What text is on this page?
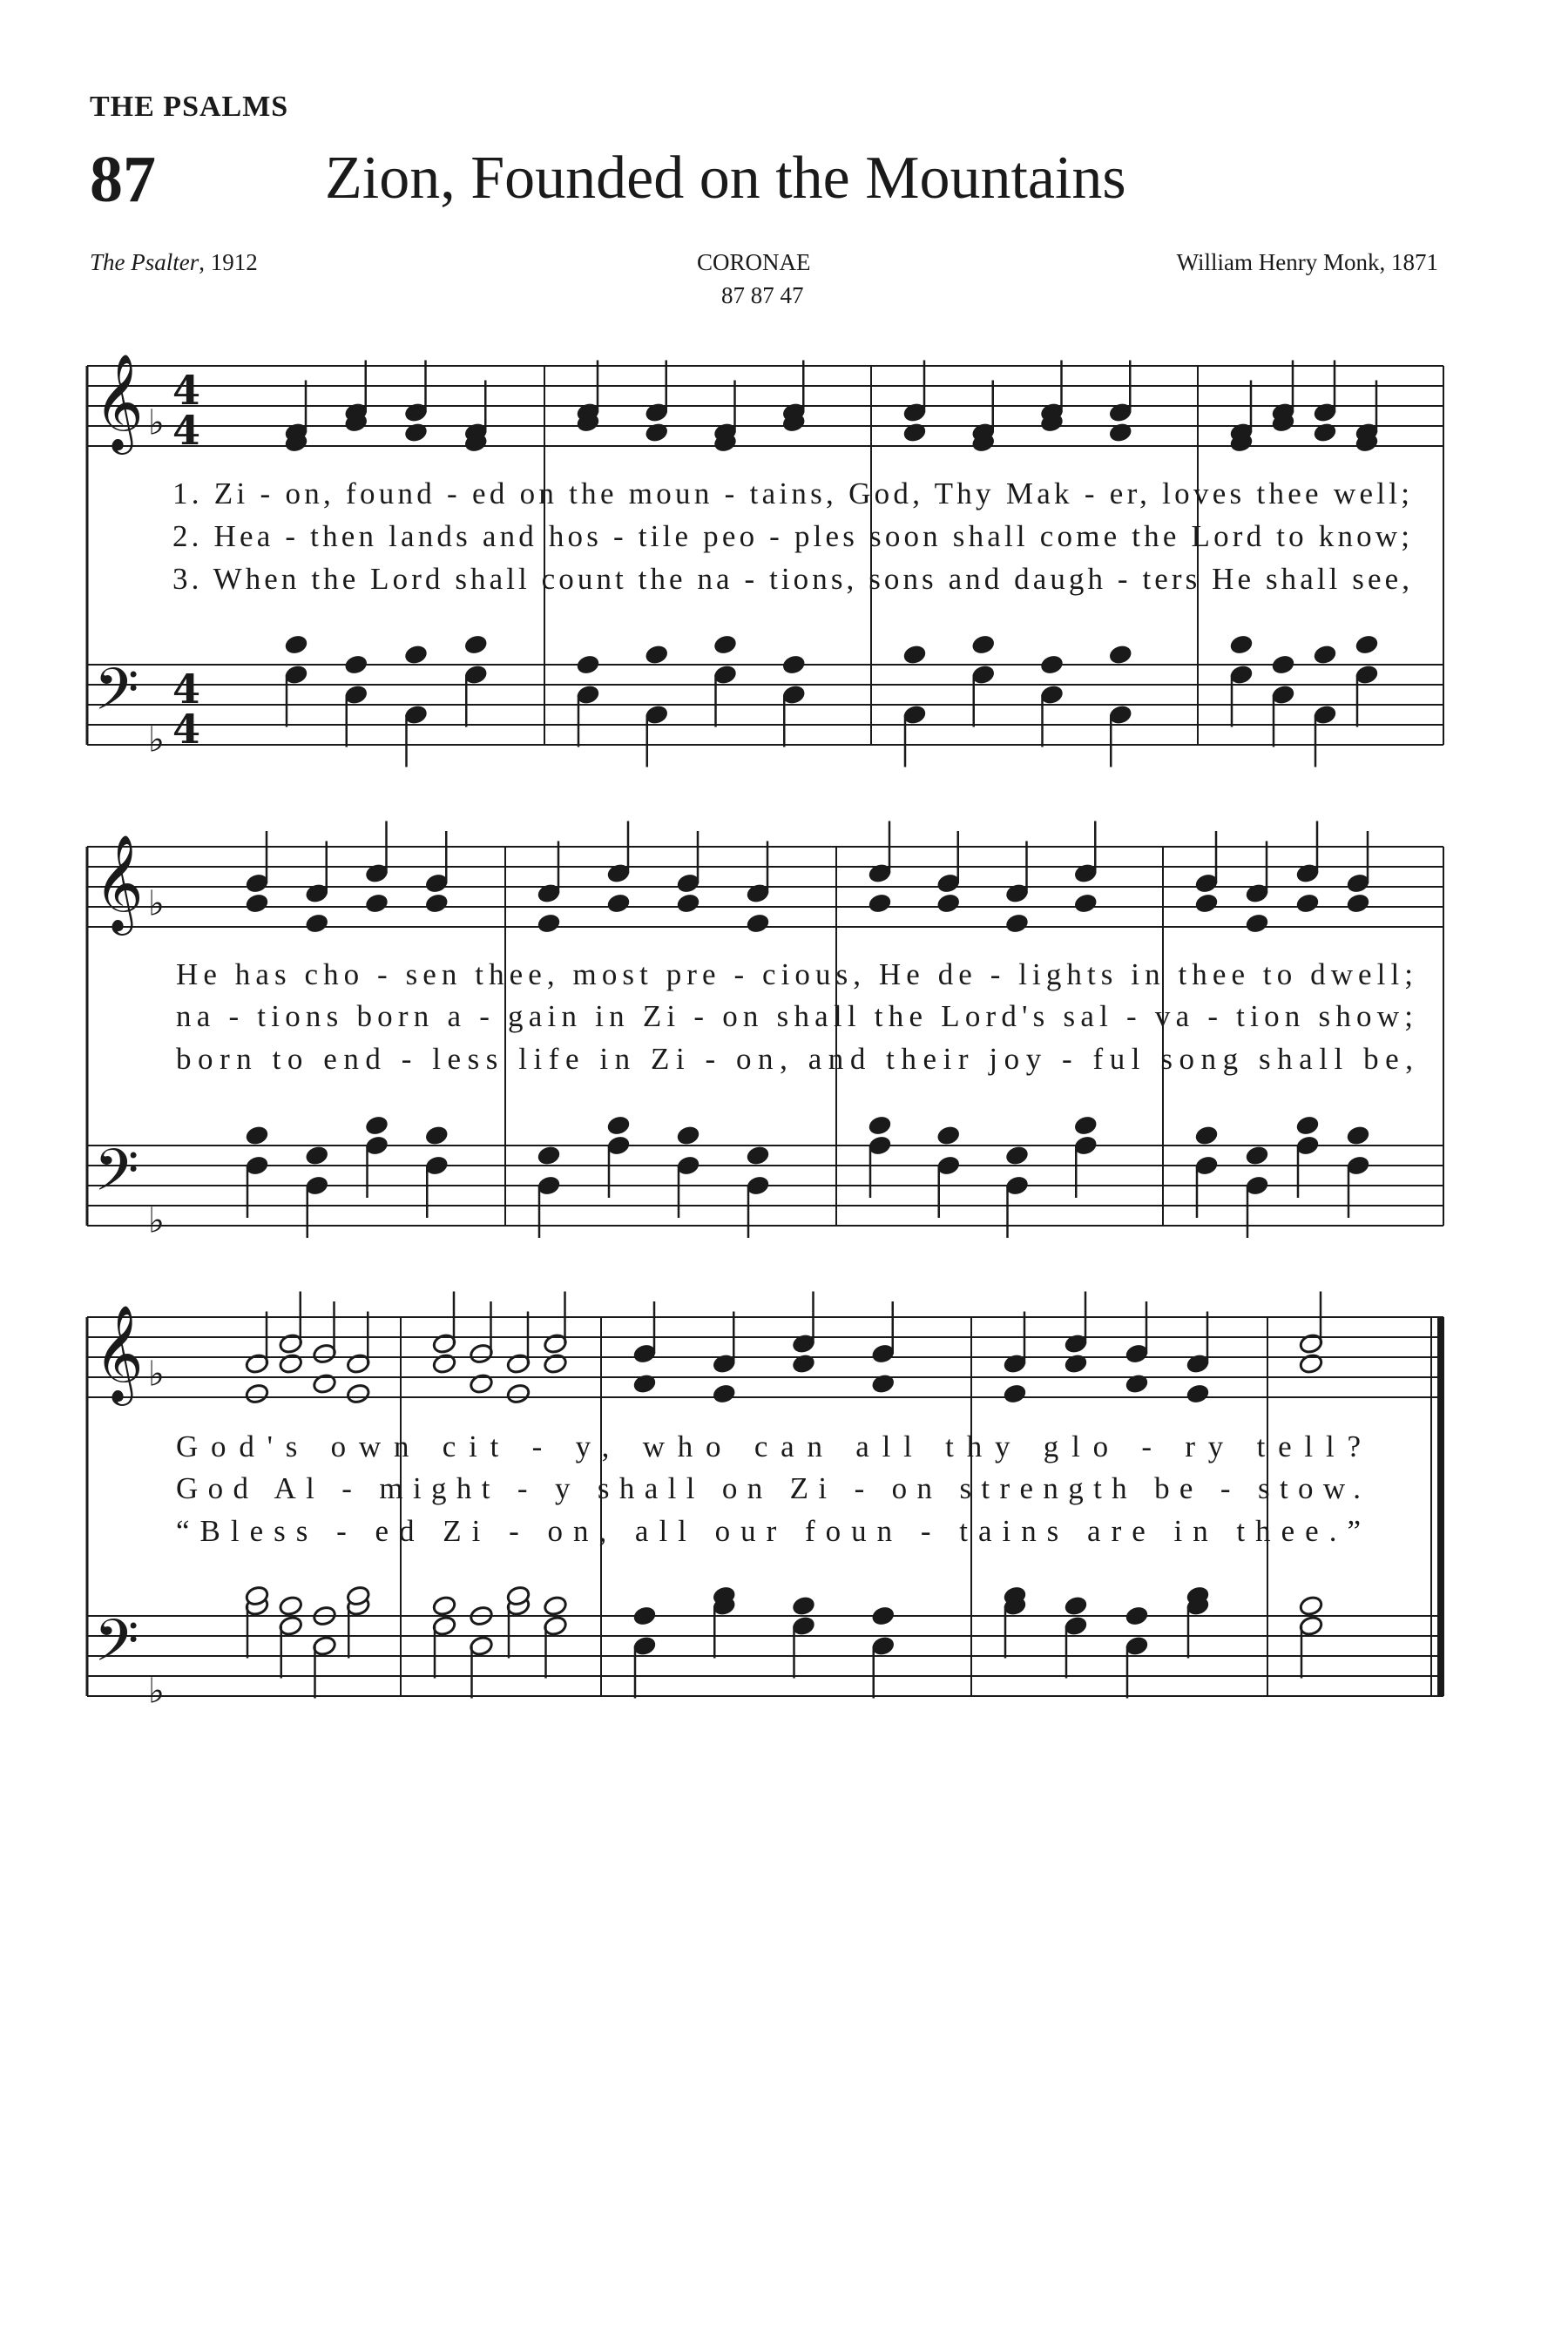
THE PSALMS
87	Zion, Founded on the Mountains
The Psalter, 1912	CORONAE
87 87 47
William Henry Monk, 1871
𝄞
𝄢
♭
♭
4
4
4
4
1. Zi - on, found - ed on the moun - tains, God, Thy Mak - er, loves thee well;
2. Hea - then lands and hos - tile peo - ples soon shall come the Lord to know;
3. When the Lord shall count the na - tions, sons and daugh - ters He shall see,
𝄞
𝄢
♭
♭
He has cho - sen thee, most pre - cious, He de - lights in thee to dwell;
na - tions born a - gain in Zi - on shall the Lord's sal - va - tion show;
born to end - less life in Zi - on, and their joy - ful song shall be,
𝄞
𝄢
♭
♭
God's own cit - y, who can all thy glo - ry tell?
God Al - might - y shall on Zi - on strength be - stow.
“Bless - ed Zi - on, all our foun - tains are in thee.”
